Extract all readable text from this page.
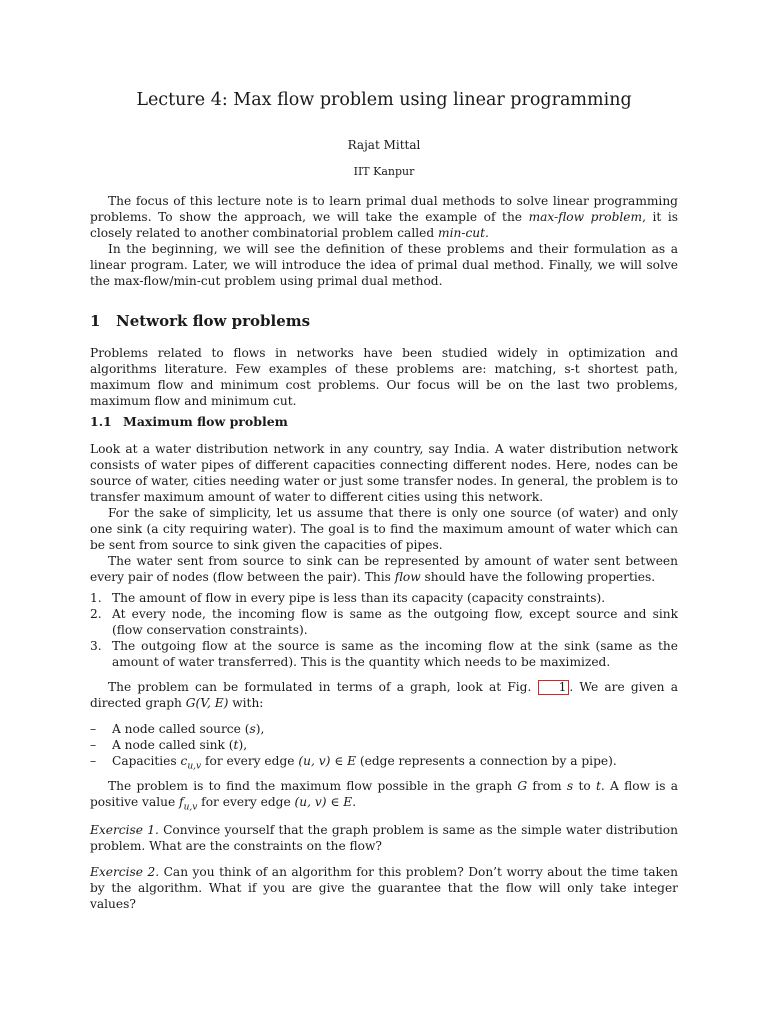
Lecture 4: Max flow problem using linear programming
Rajat Mittal
IIT Kanpur

The focus of this lecture note is to learn primal dual methods to solve linear programming problems. To show the approach, we will take the example of the max-flow problem, it is closely related to another combinatorial problem called min-cut.

In the beginning, we will see the definition of these problems and their formulation as a linear program. Later, we will introduce the idea of primal dual method. Finally, we will solve the max-flow/min-cut problem using primal dual method.

1 Network flow problems
Problems related to flows in networks have been studied widely in optimization and algorithms literature. Few examples of these problems are: matching, s-t shortest path, maximum flow and minimum cost problems. Our focus will be on the last two problems, maximum flow and minimum cut.
1.1 Maximum flow problem

Look at a water distribution network in any country, say India. A water distribution network consists of water pipes of different capacities connecting different nodes. Here, nodes can be source of water, cities needing water or just some transfer nodes. In general, the problem is to transfer maximum amount of water to different cities using this network.

For the sake of simplicity, let us assume that there is only one source (of water) and only one sink (a city requiring water). The goal is to find the maximum amount of water which can be sent from source to sink given the capacities of pipes.

The water sent from source to sink can be represented by amount of water sent between every pair of nodes (flow between the pair). This flow should have the following properties.

1. The amount of flow in every pipe is less than its capacity (capacity constraints).
2. At every node, the incoming flow is same as the outgoing flow, except source and sink (flow conservation constraints).
3. The outgoing flow at the source is same as the incoming flow at the sink (same as the amount of water transferred). This is the quantity which needs to be maximized.
The problem can be formulated in terms of a graph, look at Fig. 1 . We are given a directed graph G(V, E) with:
– A node called source (s),
– A node called sink (t),
– Capacities $c_{u,v}$ for every edge (u, v) ∈ E (edge represents a connection by a pipe).
The problem is to find the maximum flow possible in the graph G from s to t. A flow is a positive value $f_{u,v}$ for every edge (u, v) ∈ E.
Exercise 1. Convince yourself that the graph problem is same as the simple water distribution problem. What are the constraints on the flow?
Exercise 2. Can you think of an algorithm for this problem? Don’t worry about the time taken by the algorithm. What if you are give the guarantee that the flow will only take integer values?
